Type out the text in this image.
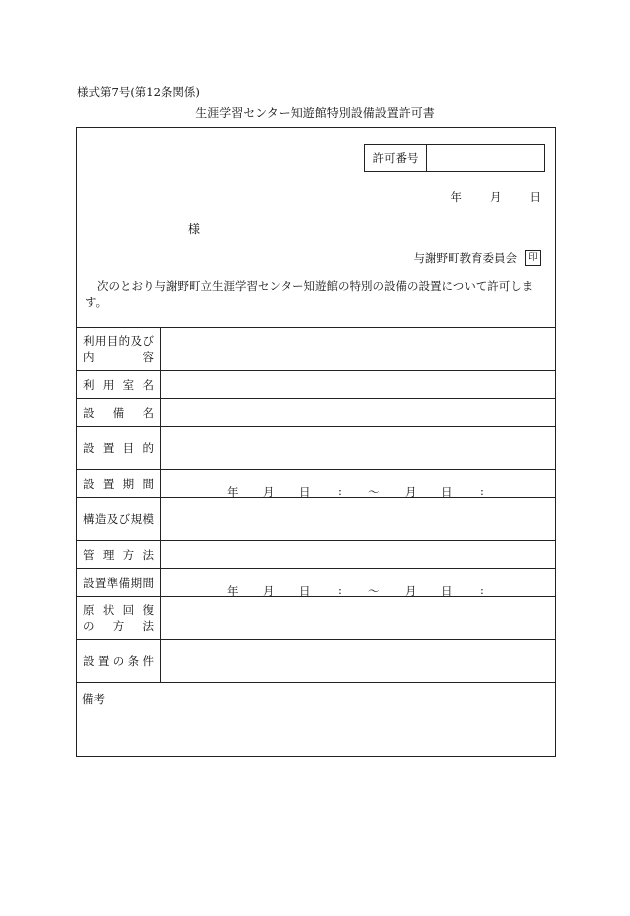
様式第7号(第12条関係)
生涯学習センター知遊館特別設備設置許可書
許可番号
年 月 日
様
与謝野町教育委員会	印
次のとおり与謝野町立生涯学習センター知遊館の特別の設備の設置について許可します。
利 用 目 的 及 び
内	容
利 用 室 名
設 備 名
設 置 目 的
設 置 期 間
年 月 日 : 〜 月 日 :
構 造 及 び 規 模
管 理 方 法
設 置 準 備 期 間
年 月 日 : 〜 月 日 :
原 状 回 復
の 方 法
設 置 の 条 件
備考
